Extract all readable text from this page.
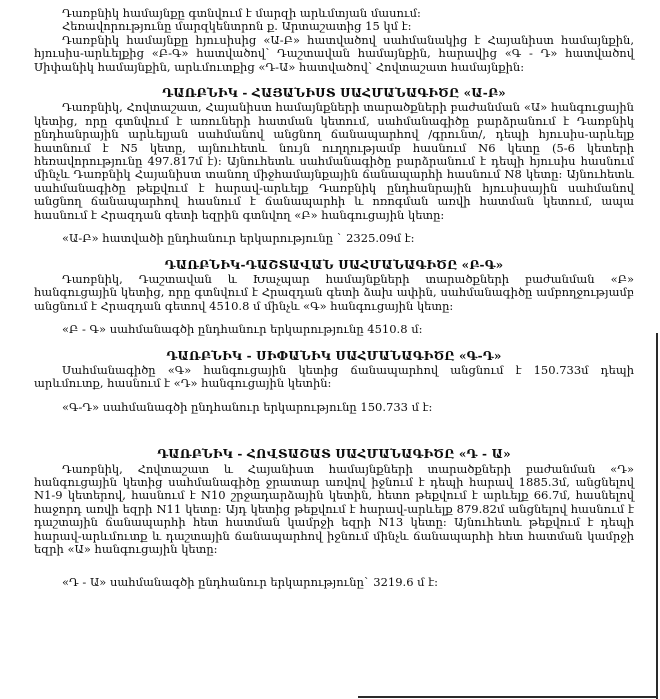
Դառբնիկ համայնքը գտնվում է մարզի արևմտյան մասում:

Հեռավորությունը մարզկենտրոն ք. Արտաշատից 15 կմ է:

Դառբնիկ համայնքը հյուսիսից «Ա-Բ» հատվածով սահմանակից է Հայանիստ համայնքին, հյուսիս-արևելքից «Բ-Գ» հատվածով՝ Դաշտավան համայնքին, հարավից «Գ - Դ» հատվածով Սիփանիկ համայնքին, արևմուտքից «Դ-Ա» հատվածով՝ Հովտաշատ համայնքին:

ԴԱՌԲՆԻԿ - ՀԱՅԱՆԻՍՏ ՍԱՀՄԱՆԱԳԻԾԸ «Ա-Բ»

Դառբնիկ, Հովտաշատ, Հայանիստ համայնքների տարածքների բաժանման «Ա» հանգուցային կետից, որը գտնվում է առուների հատման կետում, սահմանագիծը բարձրանում է Դառբնիկ ընդհանրային արևելյան սահմանով անցնող ճանապարհով /գրունտ/, դեպի հյուսիս-արևելք հատնում է N5 կետը, այնուհետև նույն ուղղությամբ հասնում N6 կետը (5-6 կետերի հեռավորությունը 497.817մ է): Այնուհետև սահմանագիծը բարձրանում է դեպի հյուսիս հասնում մինչև Դառբնիկ Հայանիստ տանող միջհամայնքային ճանապարհի հասնում N8 կետը: Այնուհետև սահմանագիծը թեքվում է հարավ-արևելք Դառբնիկ ընդհանրային հյուսիսային սահմանով անցնող ճանապարհով հասնում է ճանապարհի և ոռոգման առվի հատման կետում, ապա հասնում է Հրազդան գետի եզրին գտնվող «Բ» հանգուցային կետը:

«Ա-Բ» հատվածի ընդհանուր երկարությունը ` 2325.09մ է:

ԴԱՌԲՆԻԿ-ԴԱՇՏԱՎԱՆ ՍԱՀՄԱՆԱԳԻԾԸ «Բ-Գ»

Դառբնիկ, Դաշտավան և Խաչպար համայնքների տարածքների բաժանման «Բ» հանգուցային կետից, որը գտնվում է Հրազդան գետի ձախ ափին, սահմանագիծը ամբողջությամբ անցնում է Հրազդան գետով 4510.8 մ մինչև «Գ» հանգուցային կետը:

«Բ - Գ» սահմանագծի ընդհանուր երկարությունը 4510.8 մ:

ԴԱՌԲՆԻԿ - ՍԻՓԱՆԻԿ ՍԱՀՄԱՆԱԳԻԾԸ «Գ-Դ»

Սահմանագիծը «Գ» հանգուցային կետից ճանապարհով անցնում է 150.733մ դեպի արևմուտք, հասնում է «Դ» հանգուցային կետին:

«Գ-Դ» սահմանագծի ընդհանուր երկարությունը 150.733 մ է:

ԴԱՌԲՆԻԿ - ՀՈՎՏԱՇԱՏ ՍԱՀՄԱՆԱԳԻԾԸ «Դ - Ա»

Դառբնիկ, Հովտաշատ և Հայանիստ համայնքների տարածքների բաժանման «Դ» հանգուցային կետից սահմանագիծը ջրատար առվով իջնում է դեպի հարավ 1885.3մ, անցնելով N1-9 կետերով, հասնում է N10 շրջադարձային կետին, հետո թեքվում է արևելք 66.7մ, հասնելով հաջորդ առվի եզրի N11 կետը: Այդ կետից թեքվում է հարավ-արևելք 879.82մ անցնելով հասնում է դաշտային ճանապարհի հետ հատման կամրջի եզրի N13 կետը: Այնուհետև թեքվում է դեպի հարավ-արևմուտք և դաշտային ճանապարհով իջնում մինչև ճանապարհի հետ հատման կամրջի եզրի «Ա» հանգուցային կետը:

«Դ - Ա» սահմանագծի ընդհանուր երկարությունը` 3219.6 մ է:
